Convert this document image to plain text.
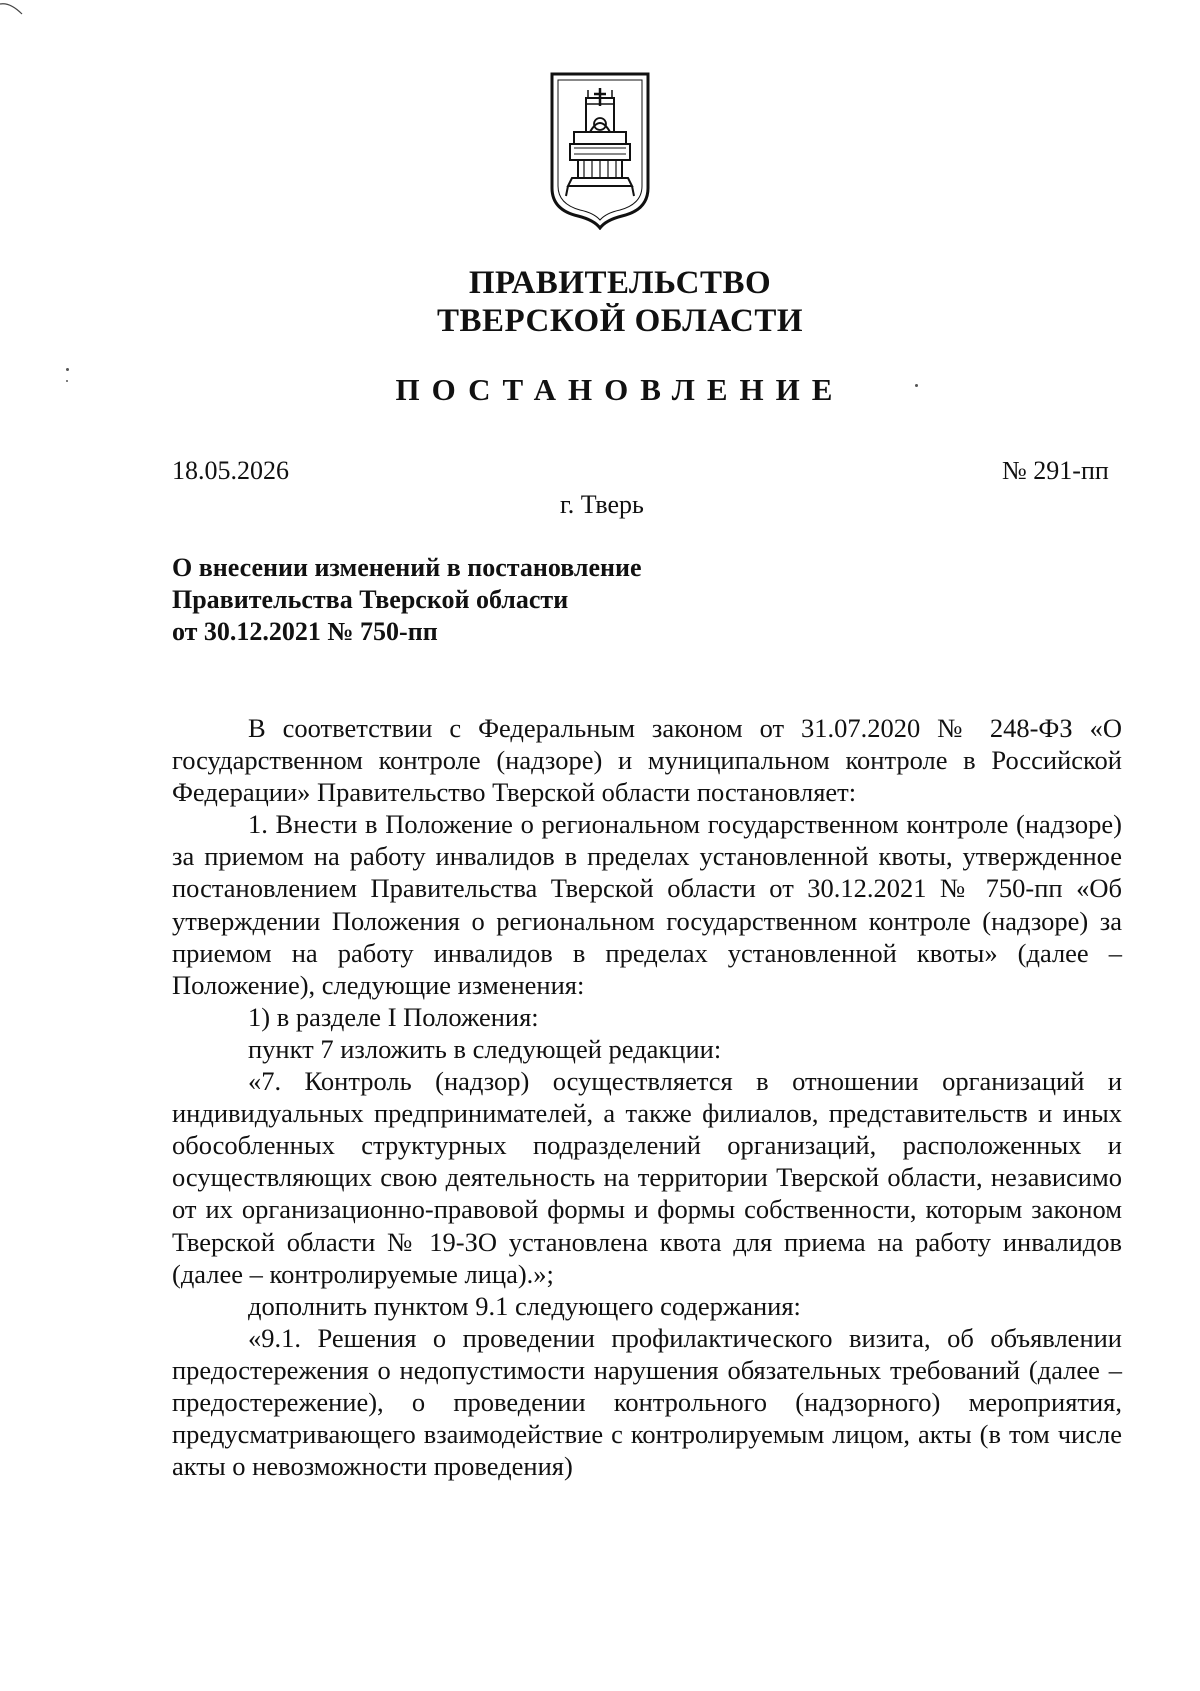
ПРАВИТЕЛЬСТВО
ТВЕРСКОЙ ОБЛАСТИ
ПОСТАНОВЛЕНИЕ
18.05.2026	№ 291-пп
г. Тверь
О внесении изменений в постановление
Правительства Тверской области
от 30.12.2021 № 750-пп

В соответствии с Федеральным законом от 31.07.2020 № 248-ФЗ «О государственном контроле (надзоре) и муниципальном контроле в Российской Федерации» Правительство Тверской области постановляет:

1. Внести в Положение о региональном государственном контроле (надзоре) за приемом на работу инвалидов в пределах установленной квоты, утвержденное постановлением Правительства Тверской области от 30.12.2021 № 750-пп «Об утверждении Положения о региональном государственном контроле (надзоре) за приемом на работу инвалидов в пределах установленной квоты» (далее – Положение), следующие изменения:

1) в разделе I Положения:

пункт 7 изложить в следующей редакции:

«7. Контроль (надзор) осуществляется в отношении организаций и индивидуальных предпринимателей, а также филиалов, представительств и иных обособленных структурных подразделений организаций, расположенных и осуществляющих свою деятельность на территории Тверской области, независимо от их организационно-правовой формы и формы собственности, которым законом Тверской области № 19-ЗО установлена квота для приема на работу инвалидов (далее – контролируемые лица).»;

дополнить пунктом 9.1 следующего содержания:

«9.1. Решения о проведении профилактического визита, об объявлении предостережения о недопустимости нарушения обязательных требований (далее – предостережение), о проведении контрольного (надзорного) мероприятия, предусматривающего взаимодействие с контролируемым лицом, акты (в том числе акты о невозможности проведения)
